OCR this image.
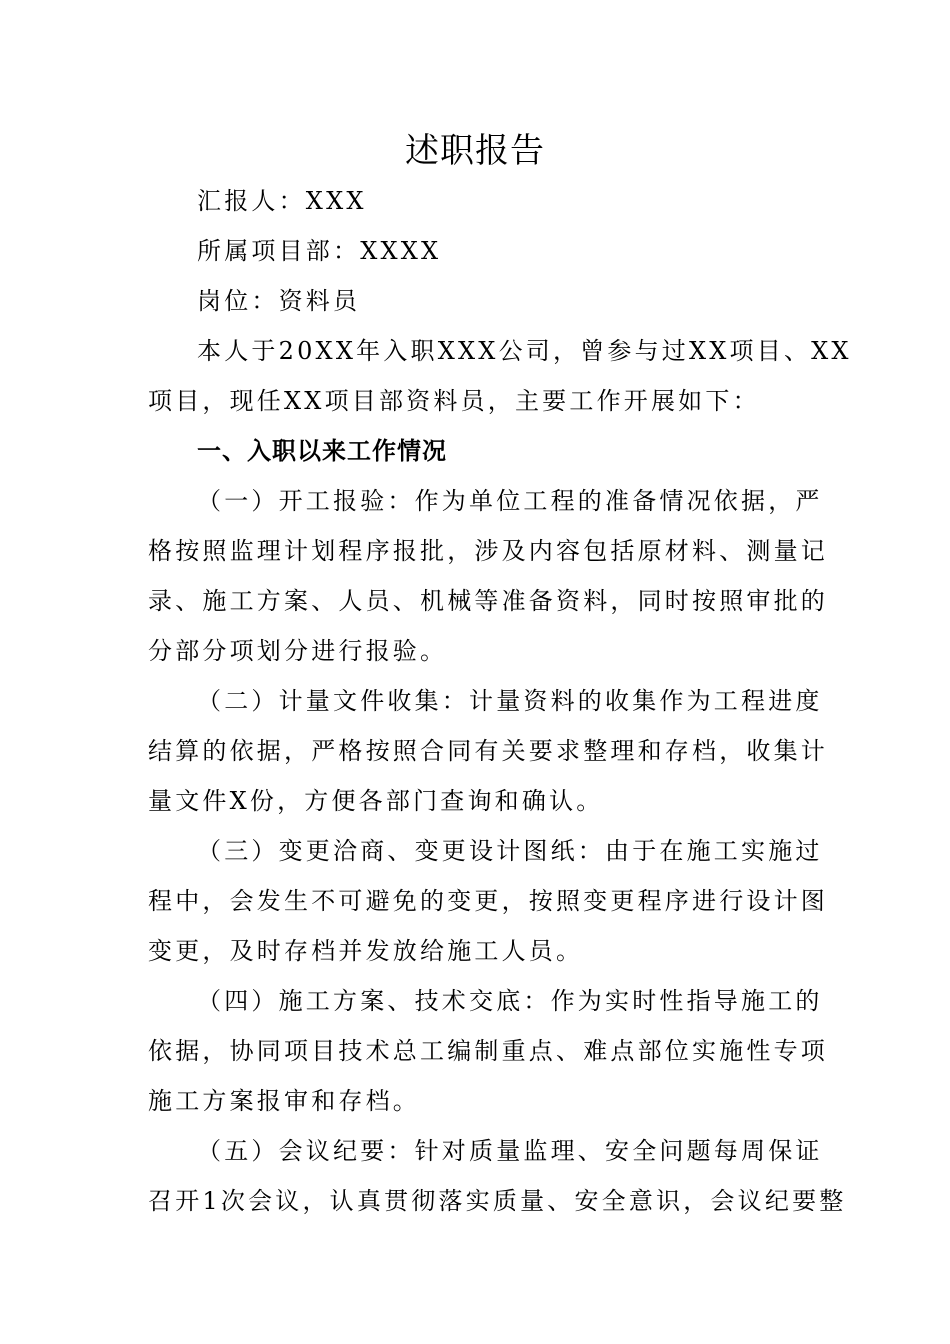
述职报告
汇报人：XXX
所属项目部：XXXX
岗位：资料员
本人于20XX年入职XXX公司，曾参与过XX项目、XX
项目，现任XX项目部资料员，主要工作开展如下：
一、入职以来工作情况
（一）开工报验：作为单位工程的准备情况依据，严
格按照监理计划程序报批，涉及内容包括原材料、测量记
录、施工方案、人员、机械等准备资料，同时按照审批的
分部分项划分进行报验。
（二）计量文件收集：计量资料的收集作为工程进度
结算的依据，严格按照合同有关要求整理和存档，收集计
量文件X份，方便各部门查询和确认。
（三）变更洽商、变更设计图纸：由于在施工实施过
程中，会发生不可避免的变更，按照变更程序进行设计图
变更，及时存档并发放给施工人员。
（四）施工方案、技术交底：作为实时性指导施工的
依据，协同项目技术总工编制重点、难点部位实施性专项
施工方案报审和存档。
（五）会议纪要：针对质量监理、安全问题每周保证
召开1次会议，认真贯彻落实质量、安全意识，会议纪要整
